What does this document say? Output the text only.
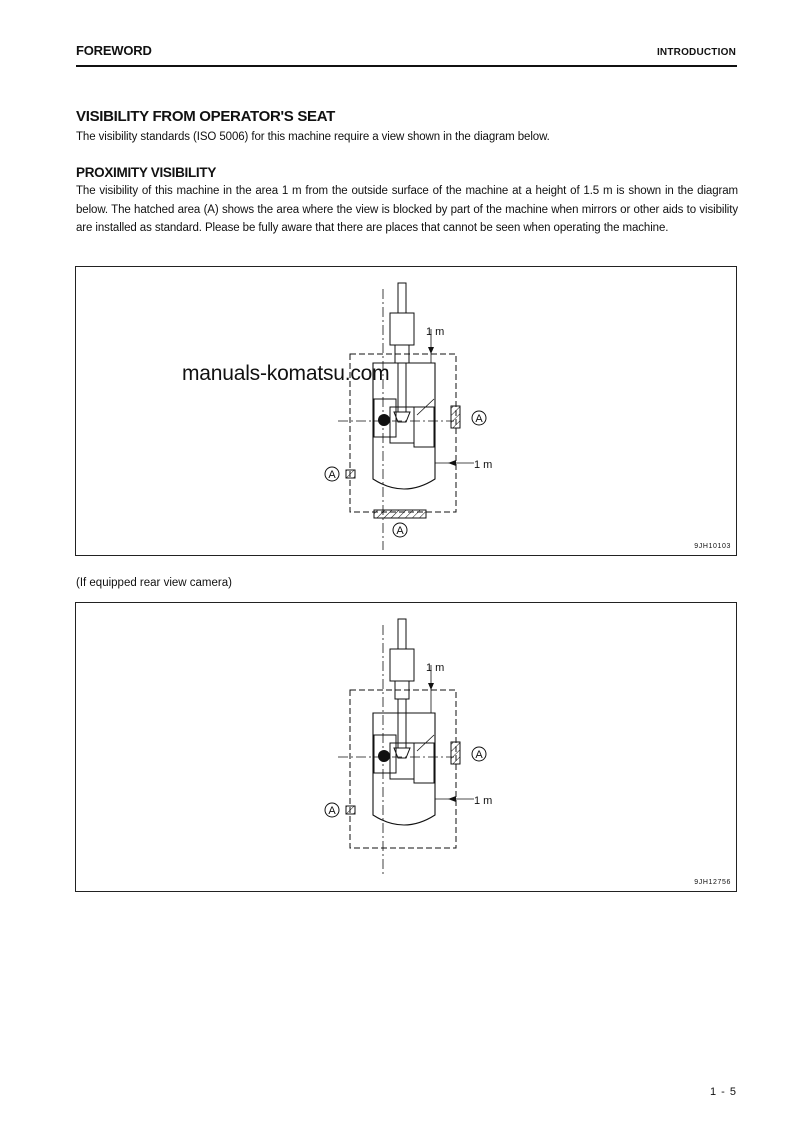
FOREWORD	INTRODUCTION
VISIBILITY FROM OPERATOR'S SEAT
The visibility standards (ISO 5006) for this machine require a view shown in the diagram below.
PROXIMITY VISIBILITY
The visibility of this machine in the area 1 m from the outside surface of the machine at a height of 1.5 m is shown in the diagram below. The hatched area (A) shows the area where the view is blocked by part of the machine when mirrors or other aids to visibility are installed as standard. Please be fully aware that there are places that cannot be seen when operating the machine.
1 m
1 m
A
A
A
9JH10103
manuals-komatsu.com
(If equipped rear view camera)
1 m
1 m
A
A
9JH12756
1 - 5
